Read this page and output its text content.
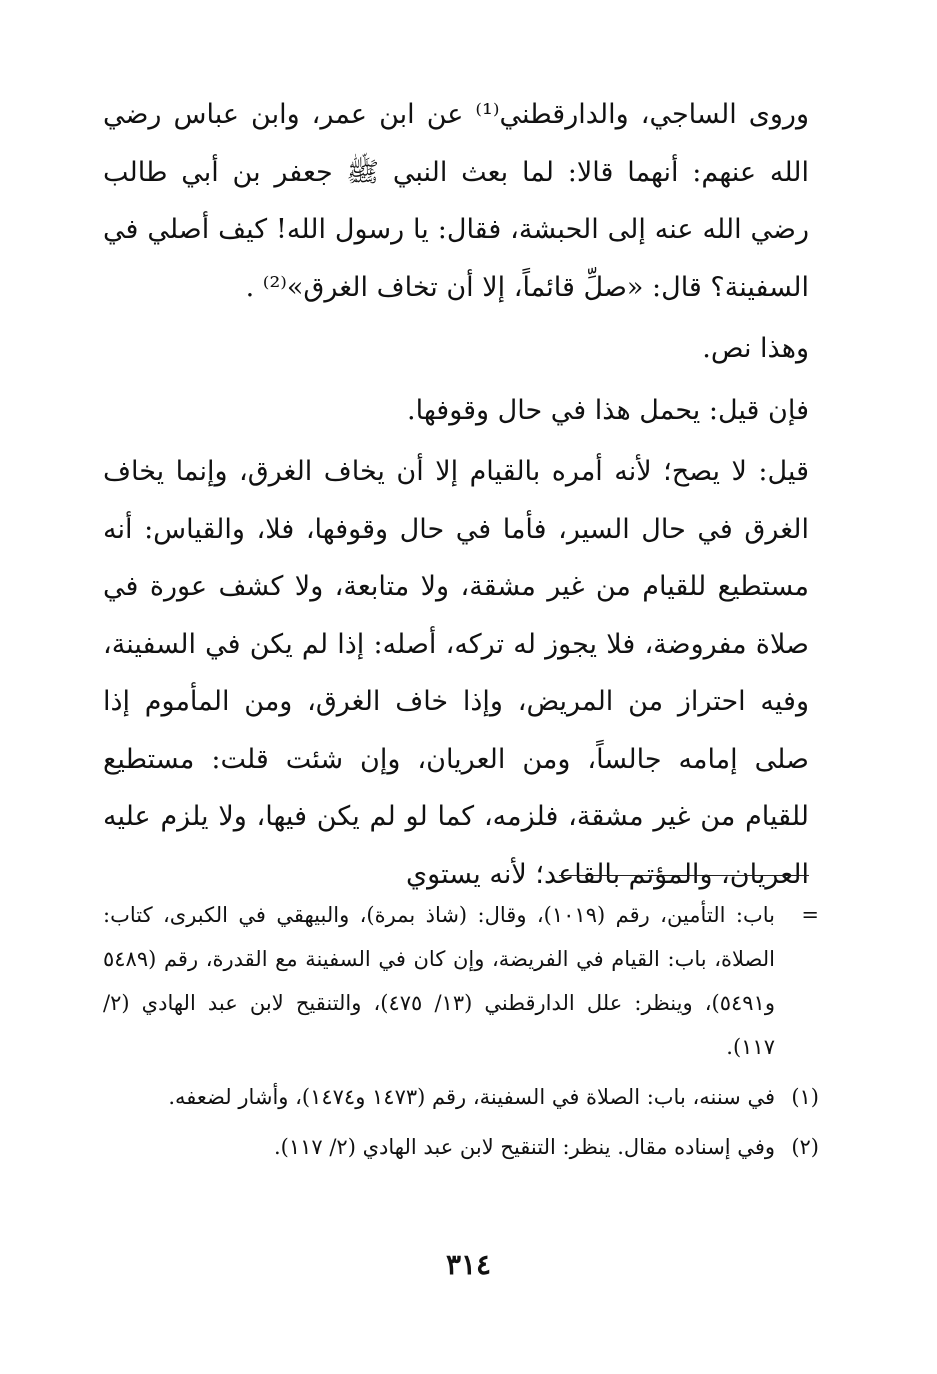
وروى الساجي، والدارقطني⁽¹⁾ عن ابن عمر، وابن عباس رضي الله عنهم: أنهما قالا: لما بعث النبي ﷺ جعفر بن أبي طالب رضي الله عنه إلى الحبشة، فقال: يا رسول الله! كيف أصلي في السفينة؟ قال: «صلِّ قائماً، إلا أن تخاف الغرق»⁽²⁾ .

وهذا نص.

فإن قيل: يحمل هذا في حال وقوفها.

قيل: لا يصح؛ لأنه أمره بالقيام إلا أن يخاف الغرق، وإنما يخاف الغرق في حال السير، فأما في حال وقوفها، فلا، والقياس: أنه مستطيع للقيام من غير مشقة، ولا متابعة، ولا كشف عورة في صلاة مفروضة، فلا يجوز له تركه، أصله: إذا لم يكن في السفينة، وفيه احتراز من المريض، وإذا خاف الغرق، ومن المأموم إذا صلى إمامه جالساً، ومن العريان، وإن شئت قلت: مستطيع للقيام من غير مشقة، فلزمه، كما لو لم يكن فيها، ولا يلزم عليه العريان، والمؤتم بالقاعد؛ لأنه يستوي

=

باب: التأمين، رقم (١٠١٩)، وقال: (شاذ بمرة)، والبيهقي في الكبرى، كتاب: الصلاة، باب: القيام في الفريضة، وإن كان في السفينة مع القدرة، رقم (٥٤٨٩ و٥٤٩١)، وينظر: علل الدارقطني (١٣/ ٤٧٥)، والتنقيح لابن عبد الهادي (٢/ ١١٧).

(١)

في سننه، باب: الصلاة في السفينة، رقم (١٤٧٣ و١٤٧٤)، وأشار لضعفه.

(٢)

وفي إسناده مقال. ينظر: التنقيح لابن عبد الهادي (٢/ ١١٧).

٣١٤
